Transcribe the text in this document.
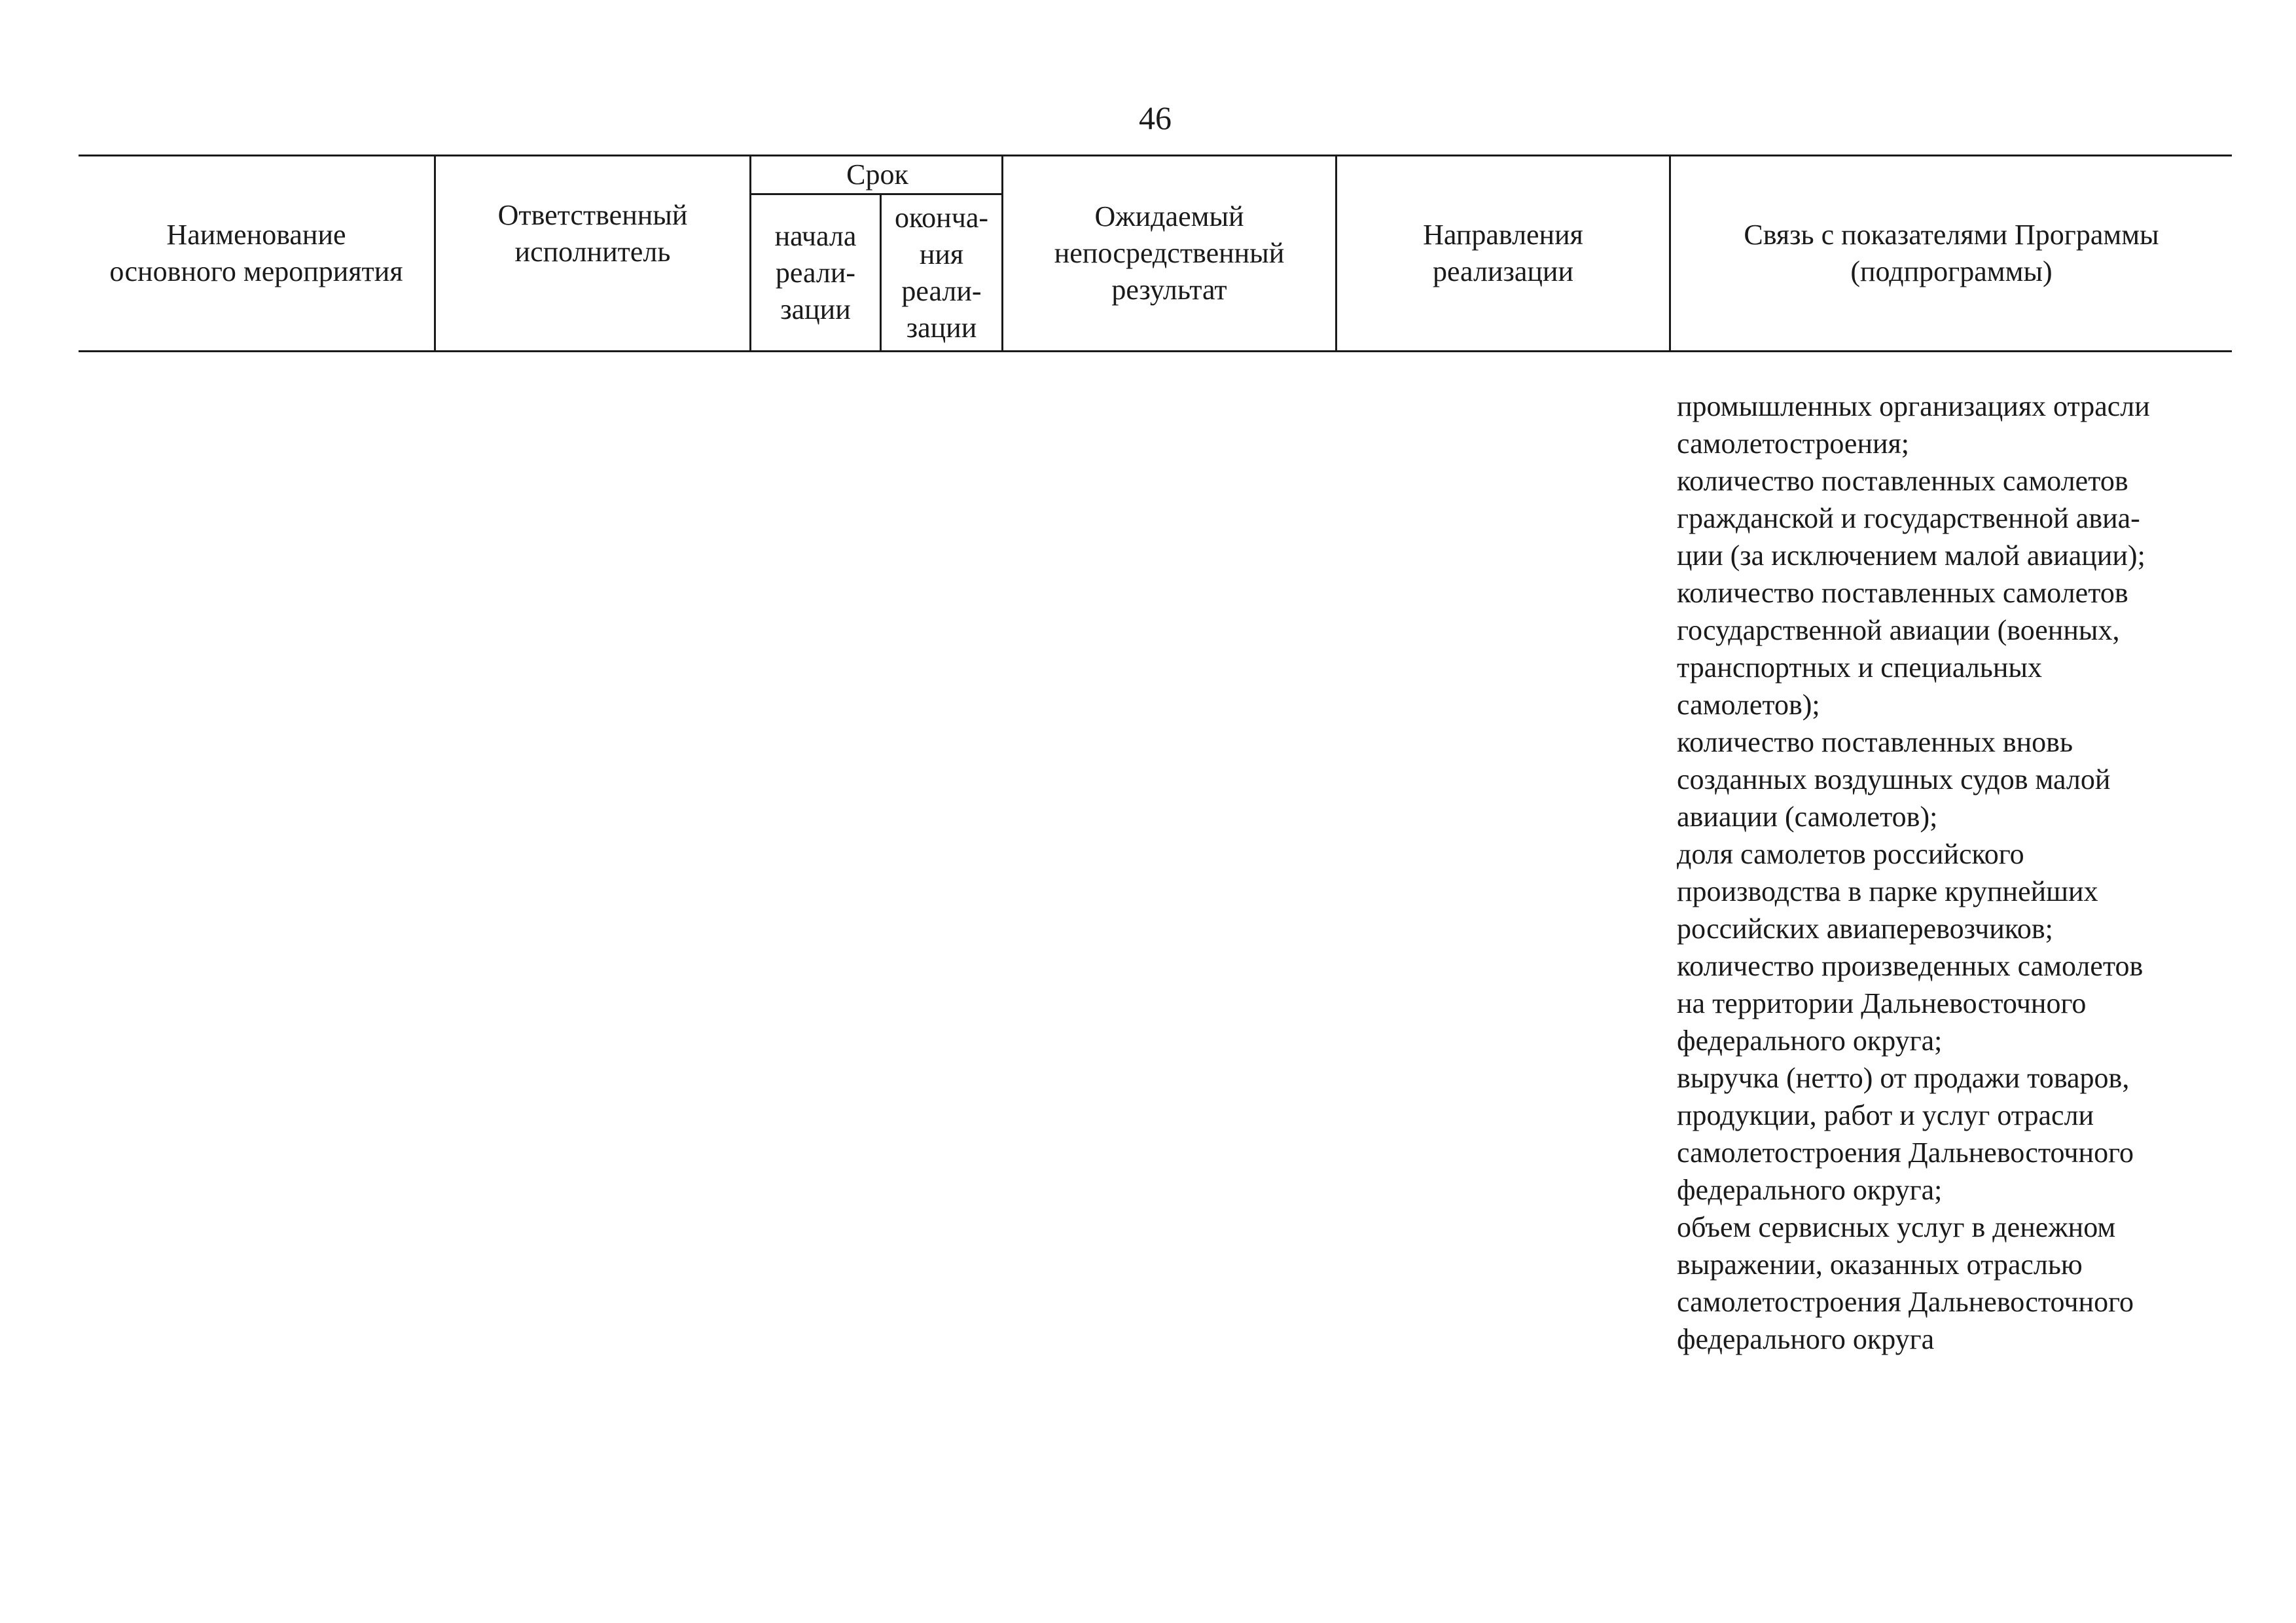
46
Наименование
основного мероприятия
Ответственный
исполнитель
Срок
начала
реали-
зации
оконча-
ния
реали-
зации
Ожидаемый
непосредственный
результат
Направления
реализации
Связь с показателями Программы
(подпрограммы)
промышленных организациях отрасли
самолетостроения;
количество поставленных самолетов
гражданской и государственной авиа-
ции (за исключением малой авиации);
количество поставленных самолетов
государственной авиации (военных,
транспортных и специальных
самолетов);
количество поставленных вновь
созданных воздушных судов малой
авиации (самолетов);
доля самолетов российского
производства в парке крупнейших
российских авиаперевозчиков;
количество произведенных самолетов
на территории Дальневосточного
федерального округа;
выручка (нетто) от продажи товаров,
продукции, работ и услуг отрасли
самолетостроения Дальневосточного
федерального округа;
объем сервисных услуг в денежном
выражении, оказанных отраслью
самолетостроения Дальневосточного
федерального округа
